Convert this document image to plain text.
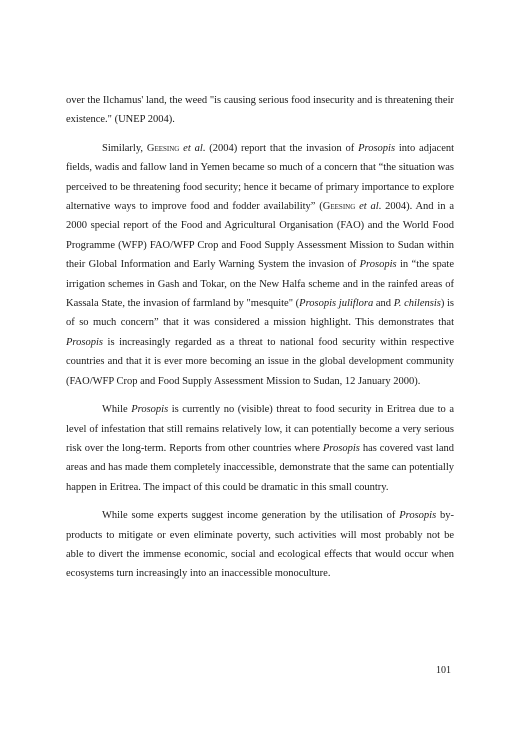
over the Ilchamus' land, the weed "is causing serious food insecurity and is threatening their existence." (UNEP 2004).

Similarly, Geesing et al. (2004) report that the invasion of Prosopis into adjacent fields, wadis and fallow land in Yemen became so much of a concern that “the situation was perceived to be threatening food security; hence it became of primary importance to explore alternative ways to improve food and fodder availability” (Geesing et al. 2004). And in a 2000 special report of the Food and Agricultural Organisation (FAO) and the World Food Programme (WFP) FAO/WFP Crop and Food Supply Assessment Mission to Sudan within their Global Information and Early Warning System the invasion of Prosopis in “the spate irrigation schemes in Gash and Tokar, on the New Halfa scheme and in the rainfed areas of Kassala State, the invasion of farmland by "mesquite" (Prosopis juliflora and P. chilensis) is of so much concern” that it was considered a mission highlight. This demonstrates that Prosopis is increasingly regarded as a threat to national food security within respective countries and that it is ever more becoming an issue in the global development community (FAO/WFP Crop and Food Supply Assessment Mission to Sudan, 12 January 2000).

While Prosopis is currently no (visible) threat to food security in Eritrea due to a level of infestation that still remains relatively low, it can potentially become a very serious risk over the long-term. Reports from other countries where Prosopis has covered vast land areas and has made them completely inaccessible, demonstrate that the same can potentially happen in Eritrea. The impact of this could be dramatic in this small country.

While some experts suggest income generation by the utilisation of Prosopis by-products to mitigate or even eliminate poverty, such activities will most probably not be able to divert the immense economic, social and ecological effects that would occur when ecosystems turn increasingly into an inaccessible monoculture.

101
